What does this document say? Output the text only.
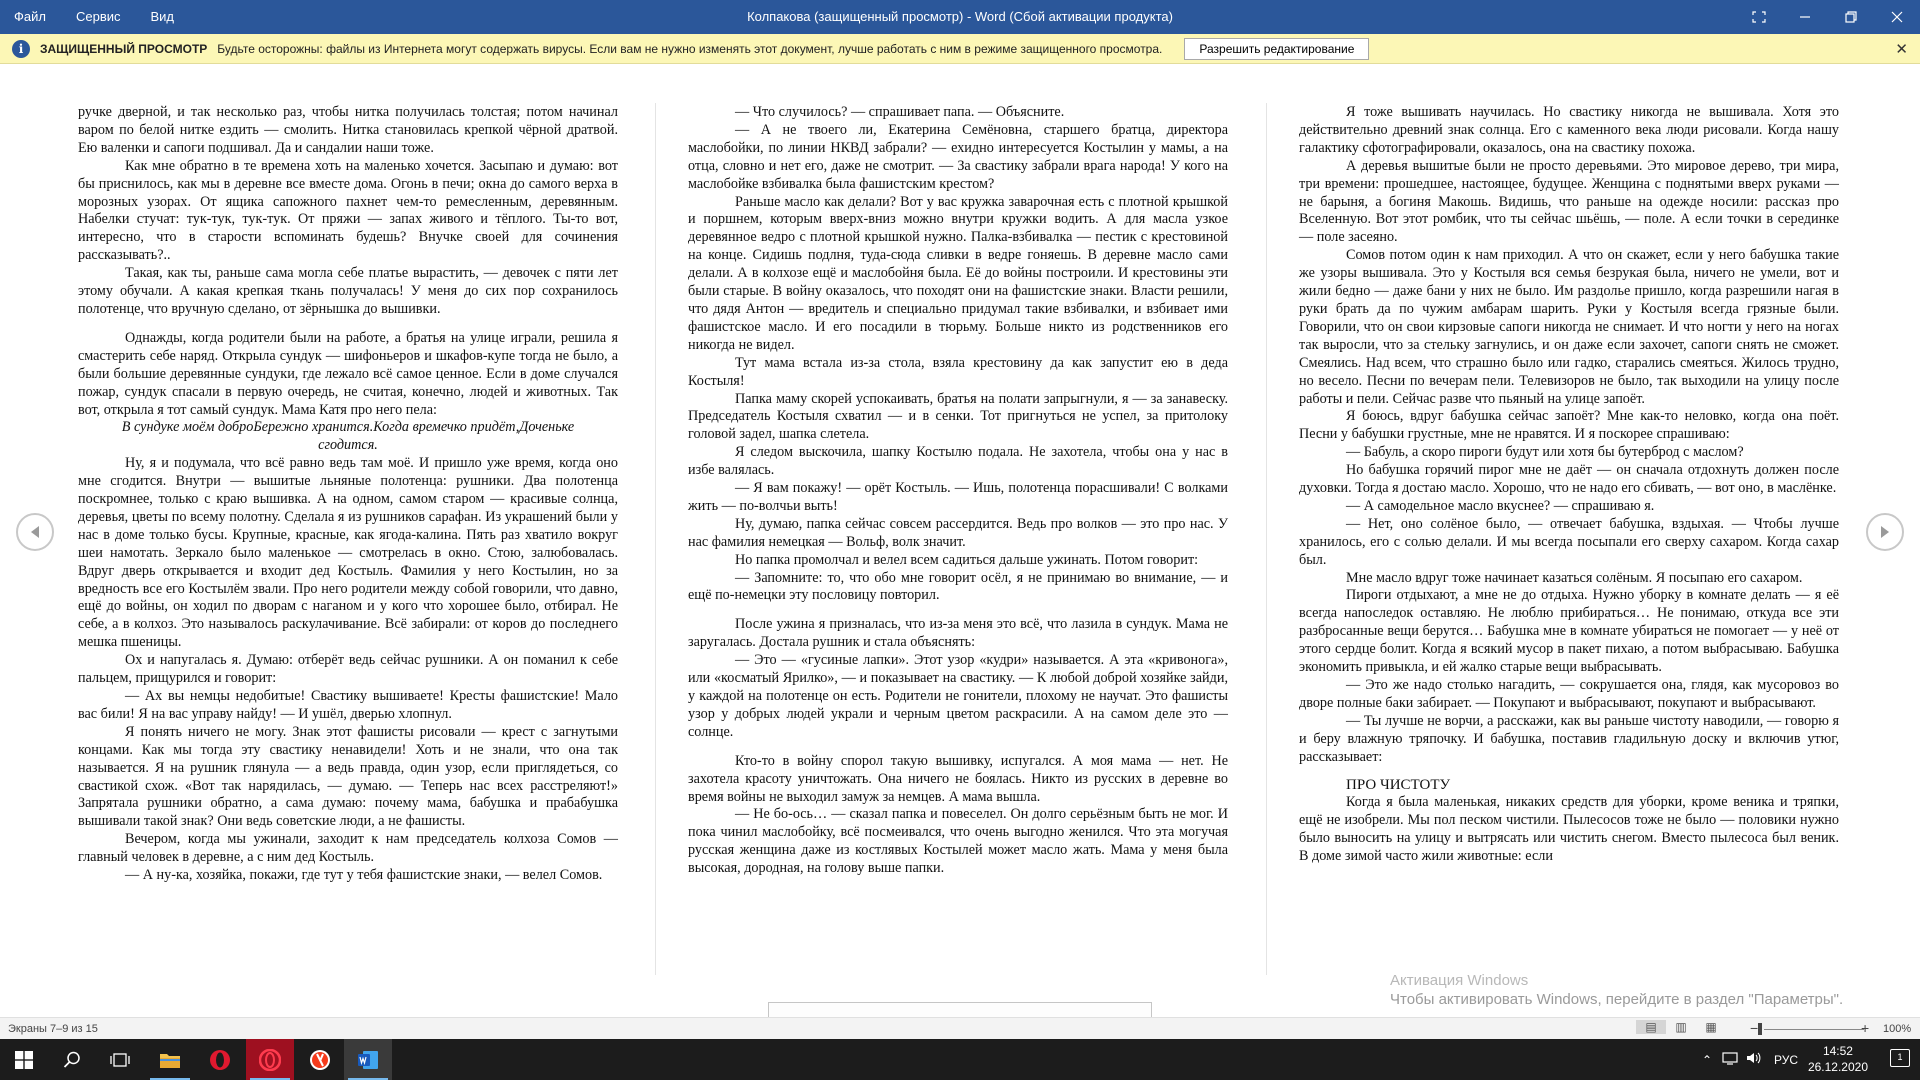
Файл	Сервис	Вид	Колпакова (защищенный просмотр) - Word (Сбой активации продукта)
i	ЗАЩИЩЕННЫЙ ПРОСМОТР Будьте осторожны: файлы из Интернета могут содержать вирусы. Если вам не нужно изменять этот документ, лучше работать с ним в режиме защищенного просмотра.	Разрешить редактирование	✕

ручке дверной, и так несколько раз, чтобы нитка получилась толстая; потом начинал варом по белой нитке ездить — смолить. Нитка становилась крепкой чёрной дратвой. Ею валенки и сапоги подшивал. Да и сандалии наши тоже.

Как мне обратно в те времена хоть на маленько хочется. Засыпаю и думаю: вот бы приснилось, как мы в деревне все вместе дома. Огонь в печи; окна до самого верха в морозных узорах. От ящика сапожного пахнет чем-то ремесленным, деревянным. Набелки стучат: тук-тук, тук-тук. От пряжи — запах живого и тёплого. Ты-то вот, интересно, что в старости вспоминать будешь? Внучке своей для сочинения рассказывать?..

Такая, как ты, раньше сама могла себе платье вырастить, — девочек с пяти лет этому обучали. А какая крепкая ткань получалась! У меня до сих пор сохранилось полотенце, что вручную сделано, от зёрнышка до вышивки.

Однажды, когда родители были на работе, а братья на улице играли, решила я смастерить себе наряд. Открыла сундук — шифоньеров и шкафов-купе тогда не было, а были большие деревянные сундуки, где лежало всё самое ценное. Если в доме случался пожар, сундук спасали в первую очередь, не считая, конечно, людей и животных. Так вот, открыла я тот самый сундук. Мама Катя про него пела:

В сундуке моём доброБережно хранится.Когда времечко придёт,Доченьке сгодится.

Ну, я и подумала, что всё равно ведь там моё. И пришло уже время, когда оно мне сгодится. Внутри — вышитые льняные полотенца: рушники. Два полотенца поскромнее, только с краю вышивка. А на одном, самом старом — красивые солнца, деревья, цветы по всему полотну. Сделала я из рушников сарафан. Из украшений были у нас в доме только бусы. Крупные, красные, как ягода-калина. Пять раз хватило вокруг шеи намотать. Зеркало было маленькое — смотрелась в окно. Стою, залюбовалась. Вдруг дверь открывается и входит дед Костыль. Фамилия у него Костылин, но за вредность все его Костылём звали. Про него родители между собой говорили, что давно, ещё до войны, он ходил по дворам с наганом и у кого что хорошее было, отбирал. Не себе, а в колхоз. Это называлось раскулачивание. Всё забирали: от коров до последнего мешка пшеницы.

Ох и напугалась я. Думаю: отберёт ведь сейчас рушники. А он поманил к себе пальцем, прищурился и говорит:

— Ах вы немцы недобитые! Свастику вышиваете! Кресты фашистские! Мало вас били! Я на вас управу найду! — И ушёл, дверью хлопнул.

Я понять ничего не могу. Знак этот фашисты рисовали — крест с загнутыми концами. Как мы тогда эту свастику ненавидели! Хоть и не знали, что она так называется. Я на рушник глянула — а ведь правда, один узор, если приглядеться, со свастикой схож. «Вот так нарядилась, — думаю. — Теперь нас всех расстреляют!» Запрятала рушники обратно, а сама думаю: почему мама, бабушка и прабабушка вышивали такой знак? Они ведь советские люди, а не фашисты.

Вечером, когда мы ужинали, заходит к нам председатель колхоза Сомов — главный человек в деревне, а с ним дед Костыль.

— А ну-ка, хозяйка, покажи, где тут у тебя фашистские знаки, — велел Сомов.

— Что случилось? — спрашивает папа. — Объясните.

— А не твоего ли, Екатерина Семёновна, старшего братца, директора маслобойки, по линии НКВД забрали? — ехидно интересуется Костылин у мамы, а на отца, словно и нет его, даже не смотрит. — За свастику забрали врага народа! У кого на маслобойке взбивалка была фашистским крестом?

Раньше масло как делали? Вот у вас кружка заварочная есть с плотной крышкой и поршнем, которым вверх-вниз можно внутри кружки водить. А для масла узкое деревянное ведро с плотной крышкой нужно. Палка-взбивалка — пестик с крестовиной на конце. Сидишь подлня, туда-сюда сливки в ведре гоняешь. В деревне масло сами делали. А в колхозе ещё и маслобойня была. Её до войны построили. И крестовины эти были старые. В войну оказалось, что походят они на фашистские знаки. Власти решили, что дядя Антон — вредитель и специально придумал такие взбивалки, и взбивает ими фашистское масло. И его посадили в тюрьму. Больше никто из родственников его никогда не видел.

Тут мама встала из-за стола, взяла крестовину да как запустит ею в деда Костыля!

Папка маму скорей успокаивать, братья на полати запрыгнули, я — за занавеску. Председатель Костыля схватил — и в сенки. Тот пригнуться не успел, за притолоку головой задел, шапка слетела.

Я следом выскочила, шапку Костылю подала. Не захотела, чтобы она у нас в избе валялась.

— Я вам покажу! — орёт Костыль. — Ишь, полотенца порасшивали! С волками жить — по-волчьи выть!

Ну, думаю, папка сейчас совсем рассердится. Ведь про волков — это про нас. У нас фамилия немецкая — Вольф, волк значит.

Но папка промолчал и велел всем садиться дальше ужинать. Потом говорит:

— Запомните: то, что обо мне говорит осёл, я не принимаю во внимание, — и ещё по-немецки эту пословицу повторил.

После ужина я призналась, что из-за меня это всё, что лазила в сундук. Мама не заругалась. Достала рушник и стала объяснять:

— Это — «гусиные лапки». Этот узор «кудри» называется. А эта «кривонога», или «косматый Ярилко», — и показывает на свастику. — К любой доброй хозяйке зайди, у каждой на полотенце он есть. Родители не гонители, плохому не научат. Это фашисты узор у добрых людей украли и черным цветом раскрасили. А на самом деле это — солнце.

Кто-то в войну спорол такую вышивку, испугался. А моя мама — нет. Не захотела красоту уничтожать. Она ничего не боялась. Никто из русских в деревне во время войны не выходил замуж за немцев. А мама вышла.

— Не бо-ось… — сказал папка и повеселел. Он долго серьёзным быть не мог. И пока чинил маслобойку, всё посмеивался, что очень выгодно женился. Что эта могучая русская женщина даже из костлявых Костылей может масло жать. Мама у меня была высокая, дородная, на голову выше папки.

Я тоже вышивать научилась. Но свастику никогда не вышивала. Хотя это действительно древний знак солнца. Его с каменного века люди рисовали. Когда нашу галактику сфотографировали, оказалось, она на свастику похожа.

А деревья вышитые были не просто деревьями. Это мировое дерево, три мира, три времени: прошедшее, настоящее, будущее. Женщина с поднятыми вверх руками — не барыня, а богиня Макошь. Видишь, что раньше на одежде носили: рассказ про Вселенную. Вот этот ромбик, что ты сейчас шьёшь, — поле. А если точки в серединке — поле засеяно.

Сомов потом один к нам приходил. А что он скажет, если у него бабушка такие же узоры вышивала. Это у Костыля вся семья безрукая была, ничего не умели, вот и жили бедно — даже бани у них не было. Им раздолье пришло, когда разрешили нагая в руки брать да по чужим амбарам шарить. Руки у Костыля всегда грязные были. Говорили, что он свои кирзовые сапоги никогда не снимает. И что ногти у него на ногах так выросли, что за стельку загнулись, и он даже если захочет, сапоги снять не сможет. Смеялись. Над всем, что страшно было или гадко, старались смеяться. Жилось трудно, но весело. Песни по вечерам пели. Телевизоров не было, так выходили на улицу после работы и пели. Сейчас разве что пьяный на улице запоёт.

Я боюсь, вдруг бабушка сейчас запоёт? Мне как-то неловко, когда она поёт. Песни у бабушки грустные, мне не нравятся. И я поскорее спрашиваю:

— Бабуль, а скоро пироги будут или хотя бы бутерброд с маслом?

Но бабушка горячий пирог мне не даёт — он сначала отдохнуть должен после духовки. Тогда я достаю масло. Хорошо, что не надо его сбивать, — вот оно, в маслёнке.

— А самодельное масло вкуснее? — спрашиваю я.

— Нет, оно солёное было, — отвечает бабушка, вздыхая. — Чтобы лучше хранилось, его с солью делали. И мы всегда посыпали его сверху сахаром. Когда сахар был.

Мне масло вдруг тоже начинает казаться солёным. Я посыпаю его сахаром.

Пироги отдыхают, а мне не до отдыха. Нужно уборку в комнате делать — я её всегда напоследок оставляю. Не люблю прибираться… Не понимаю, откуда все эти разбросанные вещи берутся… Бабушка мне в комнате убираться не помогает — у неё от этого сердце болит. Когда я всякий мусор в пакет пихаю, а потом выбрасываю. Бабушка экономить привыкла, и ей жалко старые вещи выбрасывать.

— Это же надо столько нагадить, — сокрушается она, глядя, как мусоровоз во дворе полные баки забирает. — Покупают и выбрасывают, покупают и выбрасывают.

— Ты лучше не ворчи, а расскажи, как вы раньше чистоту наводили, — говорю я и беру влажную тряпочку. И бабушка, поставив гладильную доску и включив утюг, рассказывает:

ПРО ЧИСТОТУ

Когда я была маленькая, никаких средств для уборки, кроме веника и тряпки, ещё не изобрели. Мы пол песком чистили. Пылесосов тоже не было — половики нужно было выносить на улицу и вытрясать или чистить снегом. Вместо пылесоса был веник. В доме зимой часто жили животные: если

Активация Windows
Чтобы активировать Windows, перейдите в раздел "Параметры".
Экраны 7–9 из 15	▤	▥	▦	−	+ 100%
⌃	РУС
14:52
26.12.2020
1
